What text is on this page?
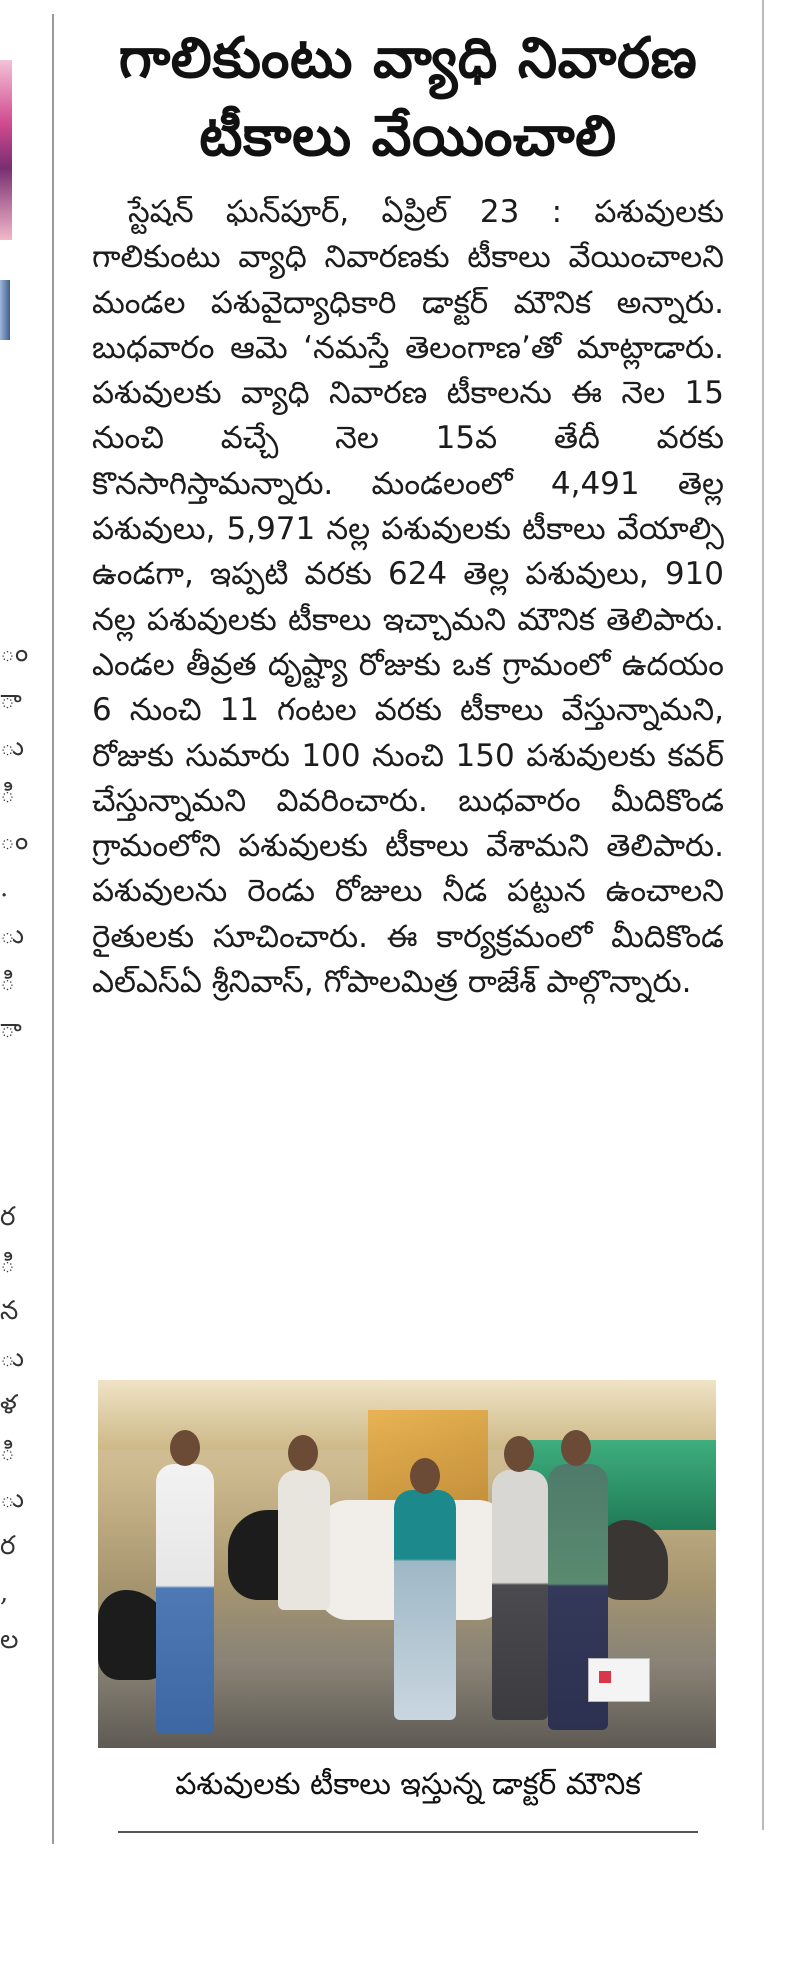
ం
ా
ు
ి
ం
.
ు
ి
ా

ర
ి
న
ు
ళ
ి
ు
ర
,
ల
గాలికుంటు వ్యాధి నివారణ
టీకాలు వేయించాలి
స్టేషన్ ఘన్‌పూర్, ఏప్రిల్ 23 : పశువులకు గాలికుంటు వ్యాధి నివారణకు టీకాలు వేయించాలని మండల పశువైద్యాధికారి డాక్టర్ మౌనిక అన్నారు. బుధవారం ఆమె ‘నమస్తే తెలంగాణ’తో మాట్లాడారు. పశువులకు వ్యాధి నివారణ టీకాలను ఈ నెల 15 నుంచి వచ్చే నెల 15వ తేదీ వరకు కొనసాగిస్తామన్నారు. మండలంలో 4,491 తెల్ల పశువులు, 5,971 నల్ల పశువులకు టీకాలు వేయాల్సి ఉండగా, ఇప్పటి వరకు 624 తెల్ల పశువులు, 910 నల్ల పశువులకు టీకాలు ఇచ్చామని మౌనిక తెలిపారు. ఎండల తీవ్రత దృష్ట్యా రోజుకు ఒక గ్రామంలో ఉదయం 6 నుంచి 11 గంటల వరకు టీకాలు వేస్తున్నామని, రోజుకు సుమారు 100 నుంచి 150 పశువులకు కవర్ చేస్తున్నామని వివరించారు. బుధవారం మీదికొండ గ్రామంలోని పశువులకు టీకాలు వేశామని తెలిపారు. పశువులను రెండు రోజులు నీడ పట్టున ఉంచాలని రైతులకు సూచించారు. ఈ కార్యక్రమంలో మీదికొండ ఎల్‌ఎస్‌ఏ శ్రీనివాస్, గోపాలమిత్ర రాజేశ్ పాల్గొన్నారు.
పశువులకు టీకాలు ఇస్తున్న డాక్టర్ మౌనిక
